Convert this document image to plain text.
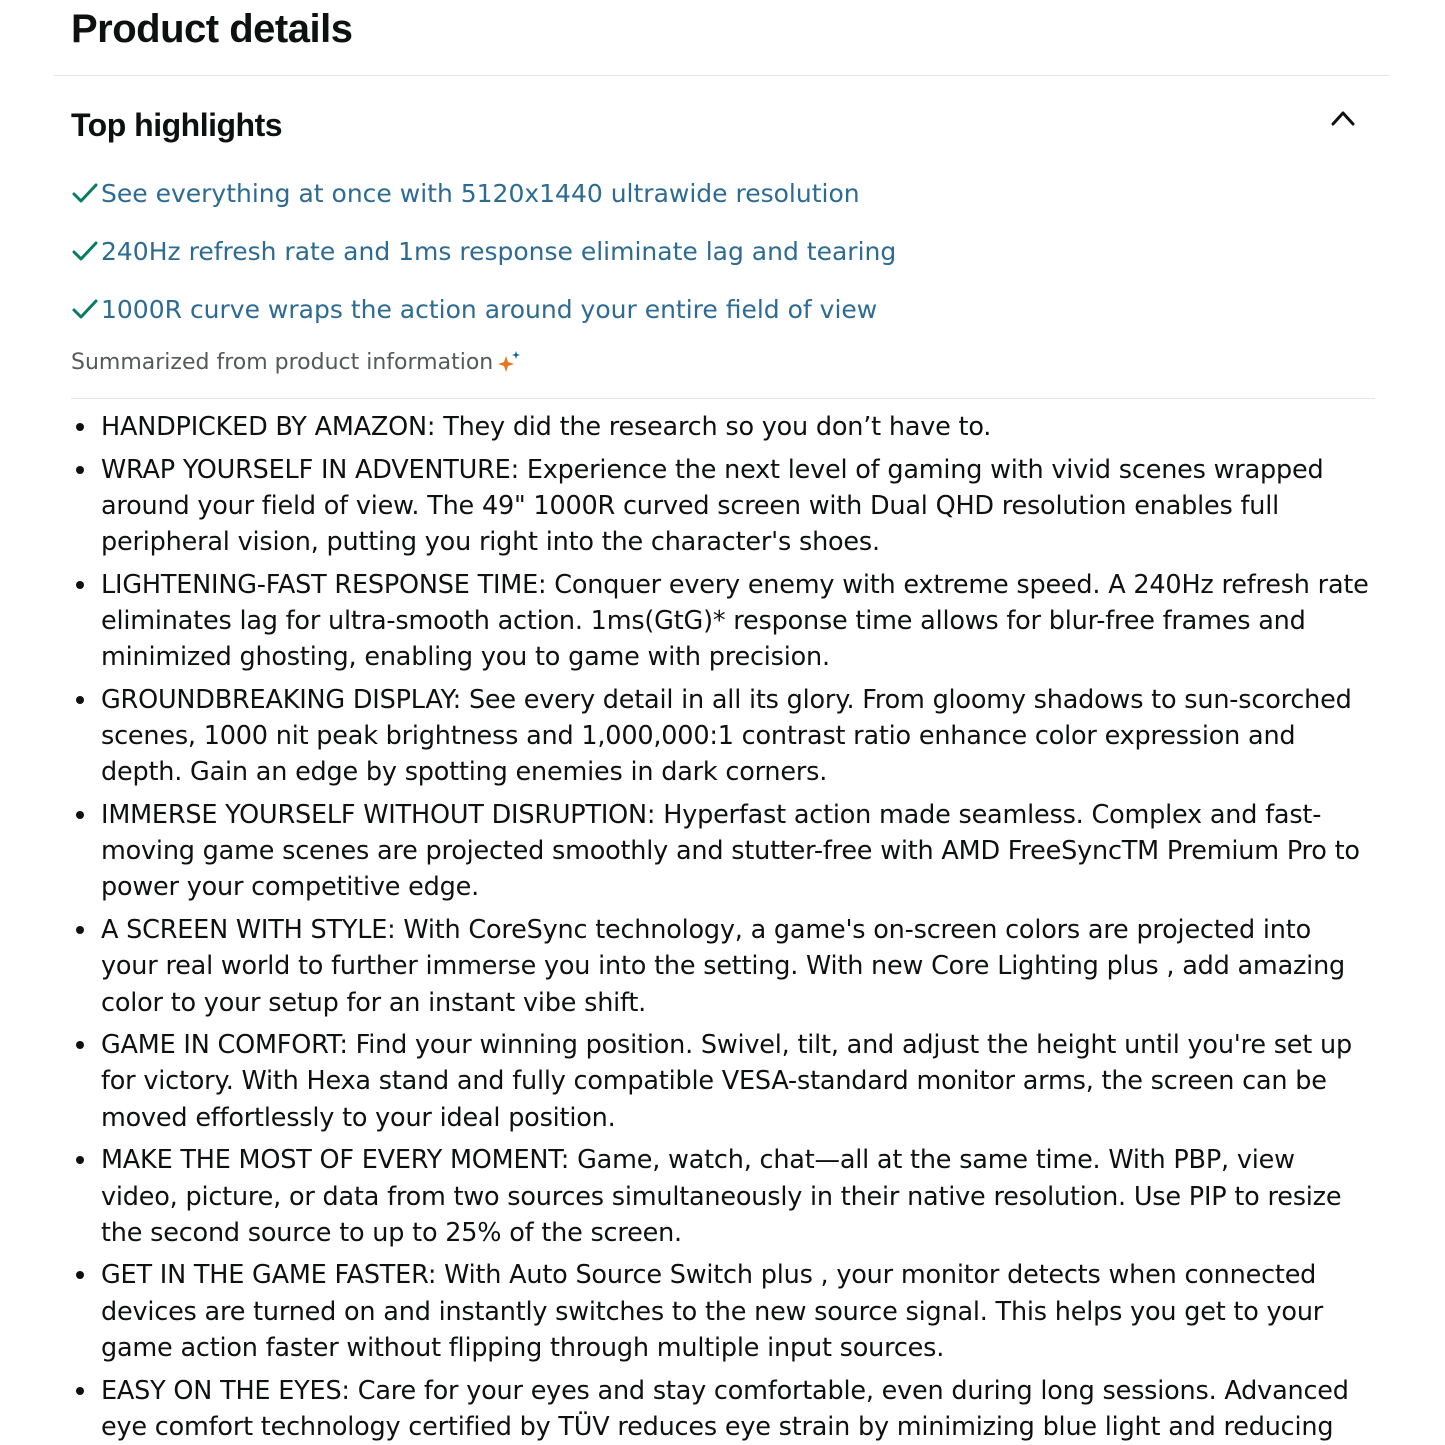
Product details
Top highlights
See everything at once with 5120x1440 ultrawide resolution
240Hz refresh rate and 1ms response eliminate lag and tearing
1000R curve wraps the action around your entire field of view
Summarized from product information
HANDPICKED BY AMAZON: They did the research so you don’t have to.
WRAP YOURSELF IN ADVENTURE: Experience the next level of gaming with vivid scenes wrapped around your field of view. The 49" 1000R curved screen with Dual QHD resolution enables full peripheral vision, putting you right into the character's shoes.
LIGHTENING-FAST RESPONSE TIME: Conquer every enemy with extreme speed. A 240Hz refresh rate eliminates lag for ultra-smooth action. 1ms(GtG)* response time allows for blur-free frames and minimized ghosting, enabling you to game with precision.
GROUNDBREAKING DISPLAY: See every detail in all its glory. From gloomy shadows to sun-scorched scenes, 1000 nit peak brightness and 1,000,000:1 contrast ratio enhance color expression and depth. Gain an edge by spotting enemies in dark corners.
IMMERSE YOURSELF WITHOUT DISRUPTION: Hyperfast action made seamless. Complex and fast-moving game scenes are projected smoothly and stutter-free with AMD FreeSyncTM Premium Pro to power your competitive edge.
A SCREEN WITH STYLE: With CoreSync technology, a game's on-screen colors are projected into your real world to further immerse you into the setting. With new Core Lighting plus , add amazing color to your setup for an instant vibe shift.
GAME IN COMFORT: Find your winning position. Swivel, tilt, and adjust the height until you're set up for victory. With Hexa stand and fully compatible VESA-standard monitor arms, the screen can be moved effortlessly to your ideal position.
MAKE THE MOST OF EVERY MOMENT: Game, watch, chat—all at the same time. With PBP, view video, picture, or data from two sources simultaneously in their native resolution. Use PIP to resize the second source to up to 25% of the screen.
GET IN THE GAME FASTER: With Auto Source Switch plus , your monitor detects when connected devices are turned on and instantly switches to the new source signal. This helps you get to your game action faster without flipping through multiple input sources.
EASY ON THE EYES: Care for your eyes and stay comfortable, even during long sessions. Advanced eye comfort technology certified by TÜV reduces eye strain by minimizing blue light and reducing
